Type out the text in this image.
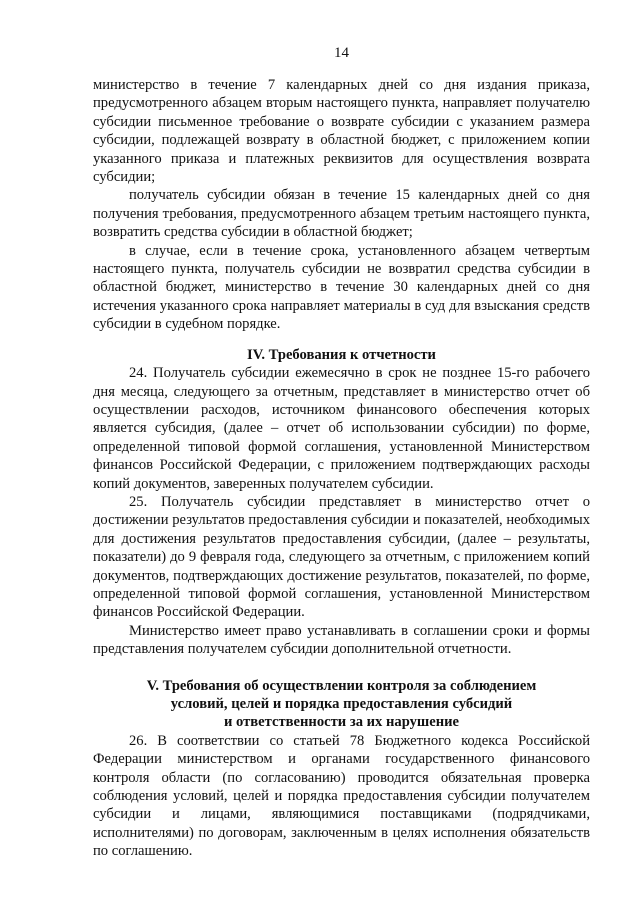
14

министерство в течение 7 календарных дней со дня издания приказа, предусмотренного абзацем вторым настоящего пункта, направляет получателю субсидии письменное требование о возврате субсидии с указанием размера субсидии, подлежащей возврату в областной бюджет, с приложением копии указанного приказа и платежных реквизитов для осуществления возврата субсидии;

получатель субсидии обязан в течение 15 календарных дней со дня получения требования, предусмотренного абзацем третьим настоящего пункта, возвратить средства субсидии в областной бюджет;

в случае, если в течение срока, установленного абзацем четвертым настоящего пункта, получатель субсидии не возвратил средства субсидии в областной бюджет, министерство в течение 30 календарных дней со дня истечения указанного срока направляет материалы в суд для взыскания средств субсидии в судебном порядке.

IV. Требования к отчетности

24. Получатель субсидии ежемесячно в срок не позднее 15-го рабочего дня месяца, следующего за отчетным, представляет в министерство отчет об осуществлении расходов, источником финансового обеспечения которых является субсидия, (далее – отчет об использовании субсидии) по форме, определенной типовой формой соглашения, установленной Министерством финансов Российской Федерации, с приложением подтверждающих расходы копий документов, заверенных получателем субсидии.

25. Получатель субсидии представляет в министерство отчет о достижении результатов предоставления субсидии и показателей, необходимых для достижения результатов предоставления субсидии, (далее – результаты, показатели) до 9 февраля года, следующего за отчетным, с приложением копий документов, подтверждающих достижение результатов, показателей, по форме, определенной типовой формой соглашения, установленной Министерством финансов Российской Федерации.

Министерство имеет право устанавливать в соглашении сроки и формы представления получателем субсидии дополнительной отчетности.

V. Требования об осуществлении контроля за соблюдением
условий, целей и порядка предоставления субсидий
и ответственности за их нарушение

26. В соответствии со статьей 78 Бюджетного кодекса Российской Федерации министерством и органами государственного финансового контроля области (по согласованию) проводится обязательная проверка соблюдения условий, целей и порядка предоставления субсидии получателем субсидии и лицами, являющимися поставщиками (подрядчиками, исполнителями) по договорам, заключенным в целях исполнения обязательств по соглашению.
